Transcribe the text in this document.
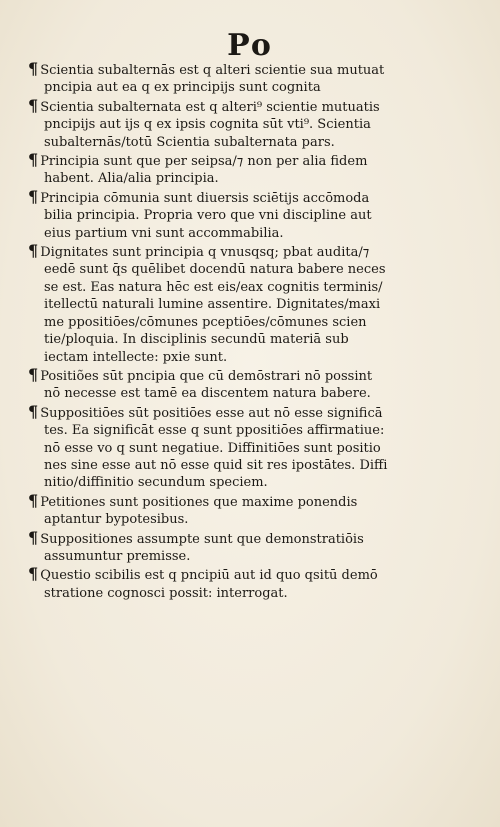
Po
¶ Scientia subalternās est q alteri scientie sua mutuat
pncipia aut ea q ex principijs sunt cognita
¶ Scientia subalternata est q alteri⁹ scientie mutuatis
pncipijs aut ijs q ex ipsis cognita sūt vti⁹. Scientia
subalternās/totū Scientia subalternata pars.
¶ Principia sunt que per seipsa/⁊ non per alia fidem
habent. Alia/alia principia.
¶ Principia cōmunia sunt diuersis sciētijs accōmoda
bilia principia. Propria vero que vni discipline aut
eius partium vni sunt accommabilia.
¶ Dignitates sunt principia q vnusqsq; pbat audita/⁊
eedē sunt q̄s quēlibet docendū natura babere neces
se est. Eas natura hēc est eis/eax cognitis terminis/
itellectū naturali lumine assentire. Dignitates/maxi
me ppositiōes/cōmunes pceptiōes/cōmunes scien
tie/ploquia. In disciplinis secundū materiā sub
iectam intellecte: pxie sunt.
¶ Positiões sūt pncipia que cū demōstrari nō possint
nō necesse est tamē ea discentem natura babere.
¶ Suppositiōes sūt positiōes esse aut nō esse significā
tes. Ea significāt esse q sunt ppositiōes affirmatiue:
nō esse vo q sunt negatiue. Diffinitiōes sunt positio
nes sine esse aut nō esse quid sit res ipostātes. Diffi
nitio/diffinitio secundum speciem.
¶ Petitiones sunt positiones que maxime ponendis
aptantur bypotesibus.
¶ Suppositiones assumpte sunt que demonstratiōis
assumuntur premisse.
¶ Questio scibilis est q pncipiū aut id quo qsitū demō
stratione cognosci possit: interrogat.
